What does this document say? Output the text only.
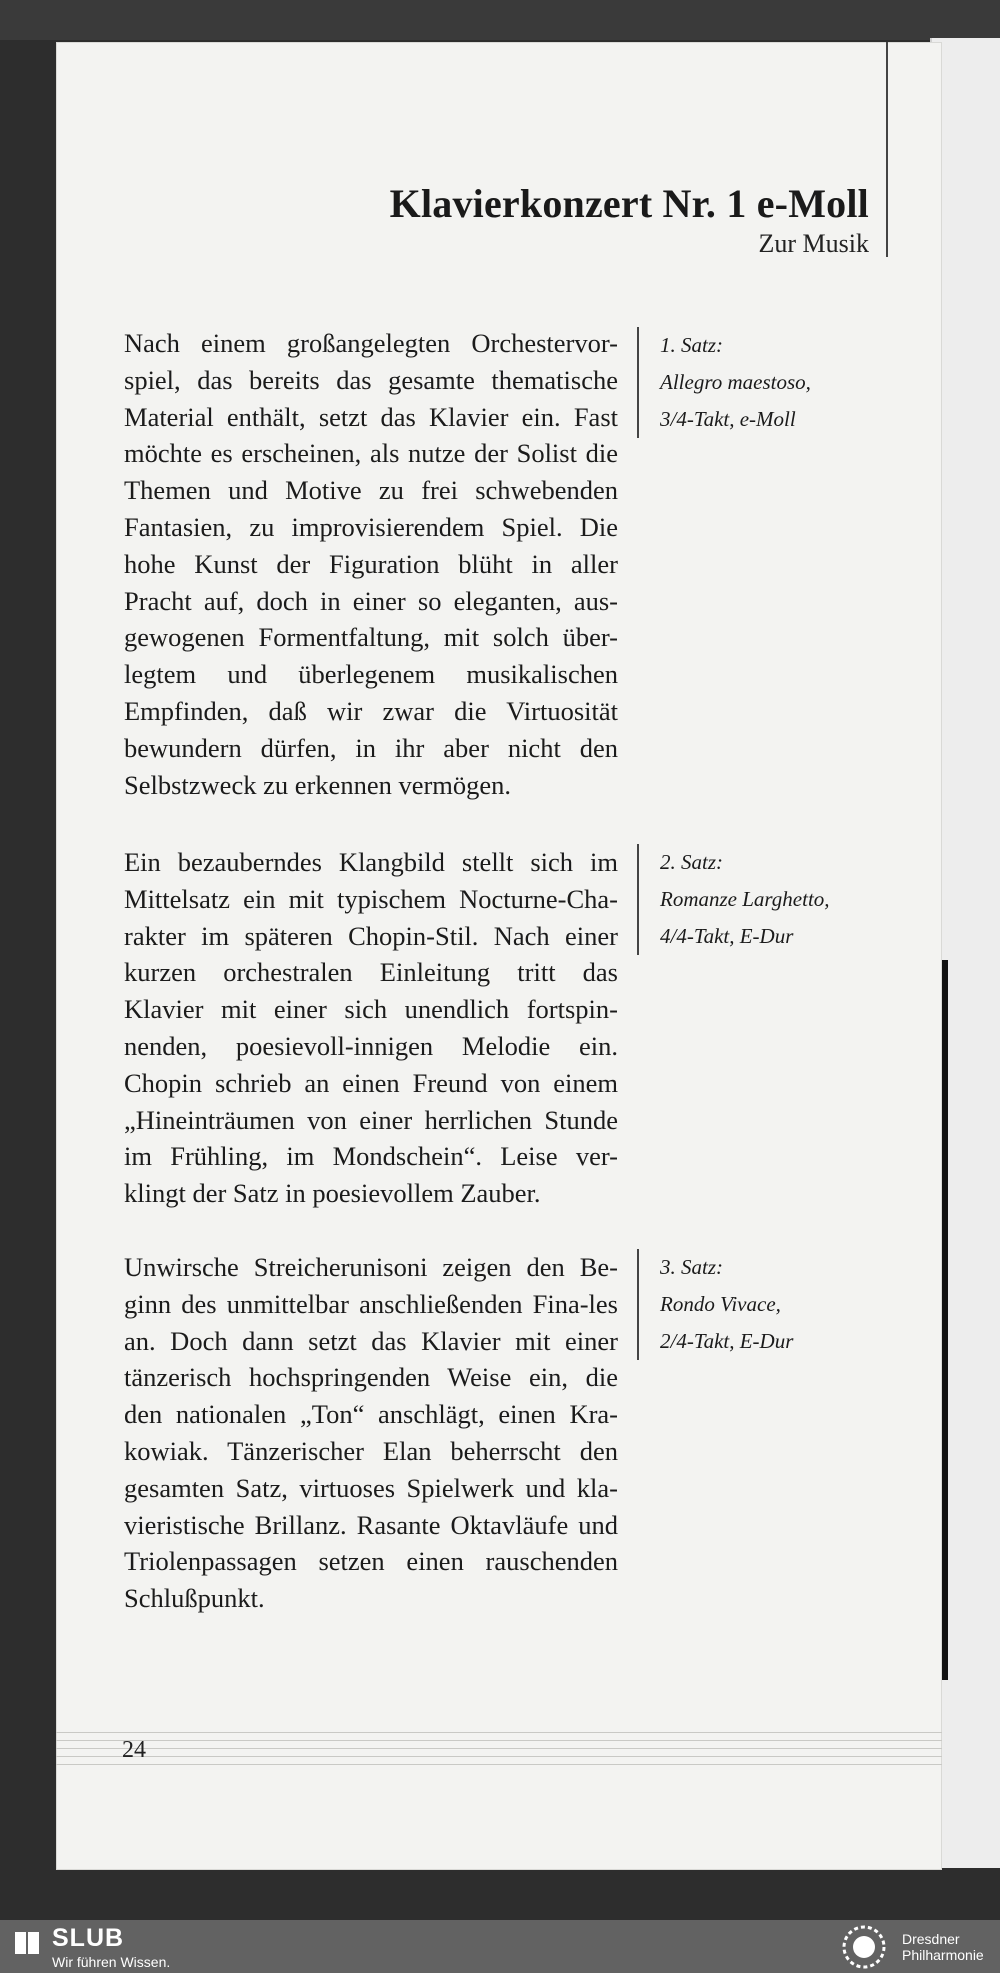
Klavierkonzert Nr. 1 e-Moll
Zur Musik

Nach einem großangelegten Orchestervor-spiel, das bereits das gesamte thematische Material enthält, setzt das Klavier ein. Fast möchte es erscheinen, als nutze der Solist die Themen und Motive zu frei schwebenden Fantasien, zu improvisierendem Spiel. Die hohe Kunst der Figuration blüht in aller Pracht auf, doch in einer so eleganten, aus-gewogenen Formentfaltung, mit solch über-legtem und überlegenem musikalischen Empfinden, daß wir zwar die Virtuosität bewundern dürfen, in ihr aber nicht den Selbstzweck zu erkennen vermögen.

1. Satz:
Allegro maestoso,
3/4-Takt, e-Moll

Ein bezauberndes Klangbild stellt sich im Mittelsatz ein mit typischem Nocturne-Cha-rakter im späteren Chopin-Stil. Nach einer kurzen orchestralen Einleitung tritt das Klavier mit einer sich unendlich fortspin-nenden, poesievoll-innigen Melodie ein. Chopin schrieb an einen Freund von einem „Hineinträumen von einer herrlichen Stunde im Frühling, im Mondschein“. Leise ver-klingt der Satz in poesievollem Zauber.

2. Satz:
Romanze Larghetto,
4/4-Takt, E-Dur

Unwirsche Streicherunisoni zeigen den Be-ginn des unmittelbar anschließenden Fina-les an. Doch dann setzt das Klavier mit einer tänzerisch hochspringenden Weise ein, die den nationalen „Ton“ anschlägt, einen Kra-kowiak. Tänzerischer Elan beherrscht den gesamten Satz, virtuoses Spielwerk und kla-vieristische Brillanz. Rasante Oktavläufe und Triolenpassagen setzen einen rauschenden Schlußpunkt.

3. Satz:
Rondo Vivace,
2/4-Takt, E-Dur
24
SLUB
Wir führen Wissen.
Dresdner
Philharmonie
